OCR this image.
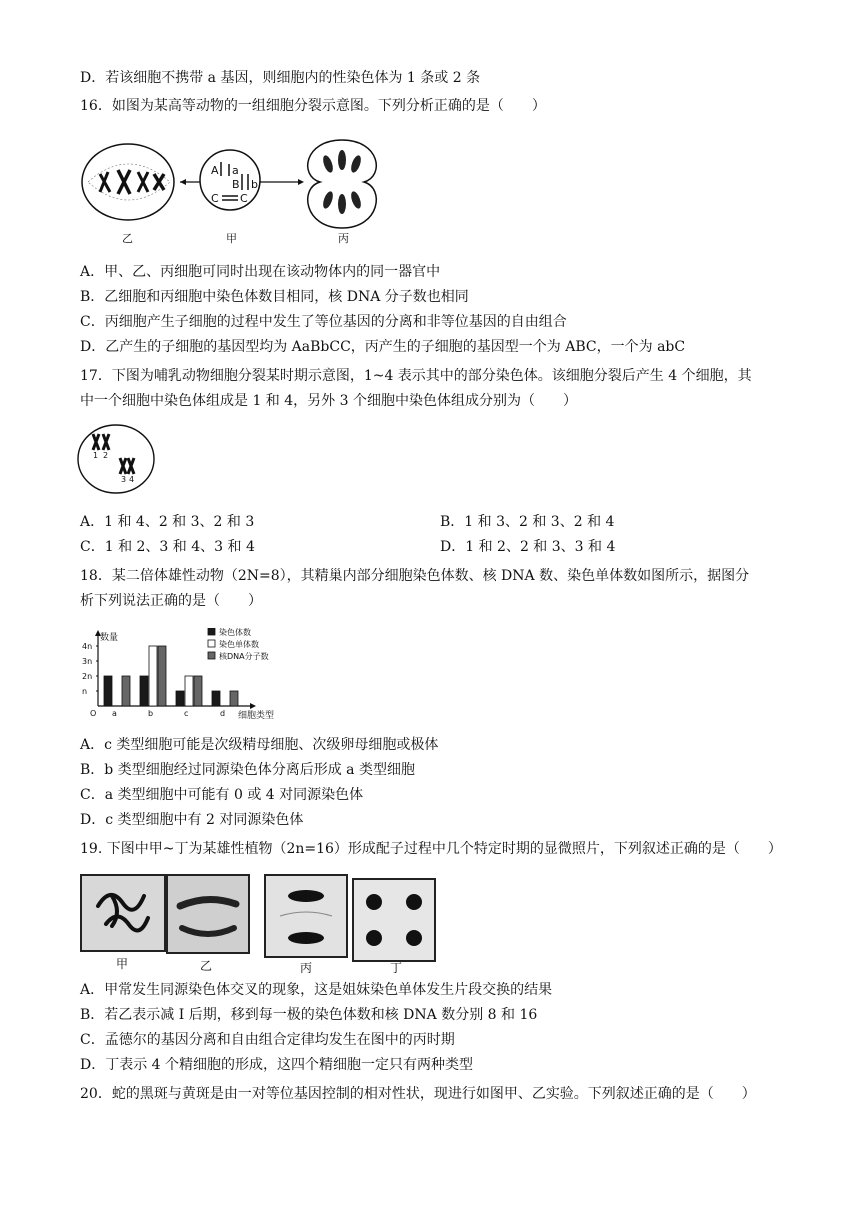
D．若该细胞不携带 a 基因，则细胞内的性染色体为 1 条或 2 条
16．如图为某高等动物的一组细胞分裂示意图。下列分析正确的是（　　）
A a
B b
C C
乙	甲	丙
A．甲、乙、丙细胞可同时出现在该动物体内的同一器官中
B．乙细胞和丙细胞中染色体数目相同，核 DNA 分子数也相同
C．丙细胞产生子细胞的过程中发生了等位基因的分离和非等位基因的自由组合
D．乙产生的子细胞的基因型均为 AaBbCC，丙产生的子细胞的基因型一个为 ABC，一个为 abC
17．下图为哺乳动物细胞分裂某时期示意图，1~4 表示其中的部分染色体。该细胞分裂后产生 4 个细胞，其
中一个细胞中染色体组成是 1 和 4，另外 3 个细胞中染色体组成分别为（　　）
1 2
3 4
A．1 和 4、2 和 3、2 和 3	B．1 和 3、2 和 3、2 和 4
C．1 和 2、3 和 4、3 和 4	D．1 和 2、2 和 3、3 和 4
18．某二倍体雄性动物（2N=8），其精巢内部分细胞染色体数、核 DNA 数、染色单体数如图所示，据图分
析下列说法正确的是（　　）
数量
细胞类型
O
4n
3n
2n
n
a	b	c	d
染色体数
染色单体数
核DNA分子数
A．c 类型细胞可能是次级精母细胞、次级卵母细胞或极体
B．b 类型细胞经过同源染色体分离后形成 a 类型细胞
C．a 类型细胞中可能有 0 或 4 对同源染色体
D．c 类型细胞中有 2 对同源染色体
19. 下图中甲~丁为某雄性植物（2n=16）形成配子过程中几个特定时期的显微照片，下列叙述正确的是（　　）
甲	乙	丙	丁
A．甲常发生同源染色体交叉的现象，这是姐妹染色单体发生片段交换的结果
B．若乙表示减 I 后期，移到每一极的染色体数和核 DNA 数分别 8 和 16
C．孟德尔的基因分离和自由组合定律均发生在图中的丙时期
D．丁表示 4 个精细胞的形成，这四个精细胞一定只有两种类型
20．蛇的黑斑与黄斑是由一对等位基因控制的相对性状，现进行如图甲、乙实验。下列叙述正确的是（　　）
